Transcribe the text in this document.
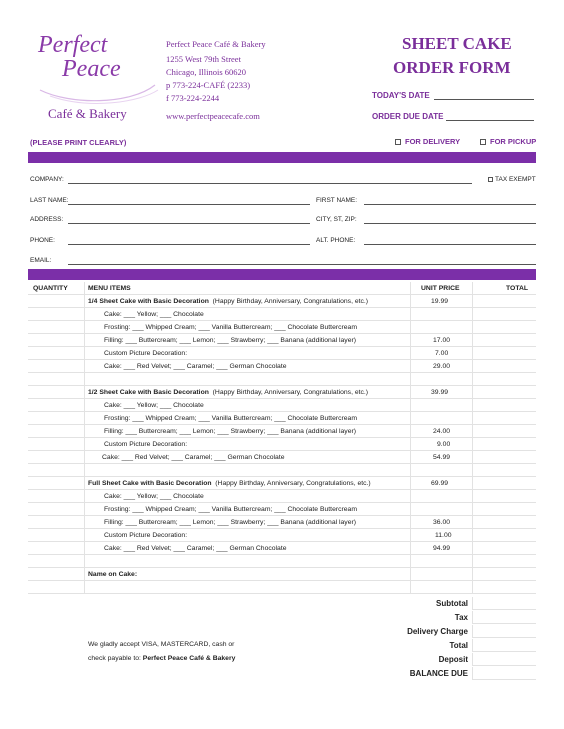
Perfect
Peace
Café & Bakery
Perfect Peace Café & Bakery
1255 West 79th Street
Chicago, Illinois 60620
p 773-224-CAFÉ (2233)
f 773-224-2244
www.perfectpeacecafe.com
SHEET CAKE
ORDER FORM
TODAY'S DATE
ORDER DUE DATE
(PLEASE PRINT CLEARLY)	FOR DELIVERY	FOR PICKUP
COMPANY:	TAX EXEMPT
LAST NAME:	FIRST NAME:
ADDRESS:	CITY, ST, ZIP:
PHONE:	ALT. PHONE:
EMAIL:
QUANTITY	MENU ITEMS	UNIT PRICE	TOTAL
1/4 Sheet Cake with Basic Decoration (Happy Birthday, Anniversary, Congratulations, etc.)	19.99
Cake: ___ Yellow; ___ Chocolate
Frosting: ___ Whipped Cream; ___ Vanilla Buttercream; ___ Chocolate Buttercream
Filling: ___ Buttercream; ___ Lemon; ___ Strawberry; ___ Banana (additional layer)	17.00
Custom Picture Decoration:	7.00
Cake: ___ Red Velvet; ___ Caramel; ___ German Chocolate	29.00
1/2 Sheet Cake with Basic Decoration (Happy Birthday, Anniversary, Congratulations, etc.)	39.99
Cake: ___ Yellow; ___ Chocolate
Frosting: ___ Whipped Cream; ___ Vanilla Buttercream; ___ Chocolate Buttercream
Filling: ___ Buttercream; ___ Lemon; ___ Strawberry; ___ Banana (additional layer)	24.00
Custom Picture Decoration:	9.00
Cake: ___ Red Velvet; ___ Caramel; ___ German Chocolate	54.99
Full Sheet Cake with Basic Decoration (Happy Birthday, Anniversary, Congratulations, etc.)	69.99
Cake: ___ Yellow; ___ Chocolate
Frosting: ___ Whipped Cream; ___ Vanilla Buttercream; ___ Chocolate Buttercream
Filling: ___ Buttercream; ___ Lemon; ___ Strawberry; ___ Banana (additional layer)	36.00
Custom Picture Decoration:	11.00
Cake: ___ Red Velvet; ___ Caramel; ___ German Chocolate	94.99
Name on Cake:
Subtotal
Tax
Delivery Charge
Total
Deposit
BALANCE DUE
We gladly accept VISA, MASTERCARD, cash or
check payable to: Perfect Peace Café & Bakery
